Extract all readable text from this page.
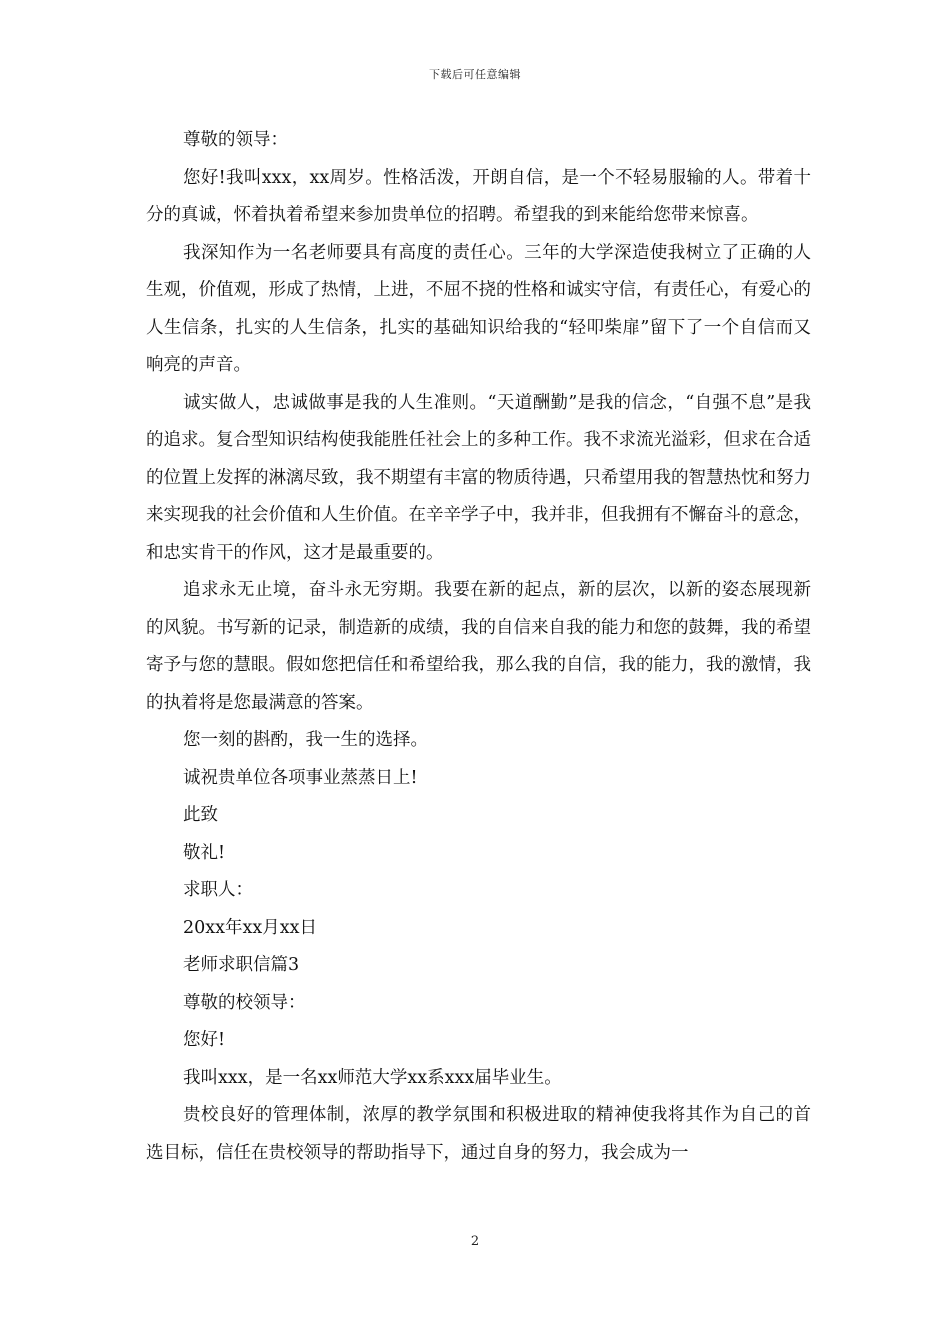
下载后可任意编辑

尊敬的领导：

您好!我叫xxx，xx周岁。性格活泼，开朗自信，是一个不轻易服输的人。带着十分的真诚，怀着执着希望来参加贵单位的招聘。希望我的到来能给您带来惊喜。

我深知作为一名老师要具有高度的责任心。三年的大学深造使我树立了正确的人生观，价值观，形成了热情，上进，不屈不挠的性格和诚实守信，有责任心，有爱心的人生信条，扎实的人生信条，扎实的基础知识给我的“轻叩柴扉”留下了一个自信而又响亮的声音。

诚实做人，忠诚做事是我的人生准则。“天道酬勤”是我的信念，“自强不息”是我的追求。复合型知识结构使我能胜任社会上的多种工作。我不求流光溢彩，但求在合适的位置上发挥的淋漓尽致，我不期望有丰富的物质待遇，只希望用我的智慧热忱和努力来实现我的社会价值和人生价值。在辛辛学子中，我并非，但我拥有不懈奋斗的意念，和忠实肯干的作风，这才是最重要的。

追求永无止境，奋斗永无穷期。我要在新的起点，新的层次，以新的姿态展现新的风貌。书写新的记录，制造新的成绩，我的自信来自我的能力和您的鼓舞，我的希望寄予与您的慧眼。假如您把信任和希望给我，那么我的自信，我的能力，我的激情，我的执着将是您最满意的答案。

您一刻的斟酌，我一生的选择。

诚祝贵单位各项事业蒸蒸日上!

此致

敬礼!

求职人：

20xx年xx月xx日

老师求职信篇3

尊敬的校领导：

您好!

我叫xxx，是一名xx师范大学xx系xxx届毕业生。

贵校良好的管理体制，浓厚的教学氛围和积极进取的精神使我将其作为自己的首选目标，信任在贵校领导的帮助指导下，通过自身的努力，我会成为一

2
